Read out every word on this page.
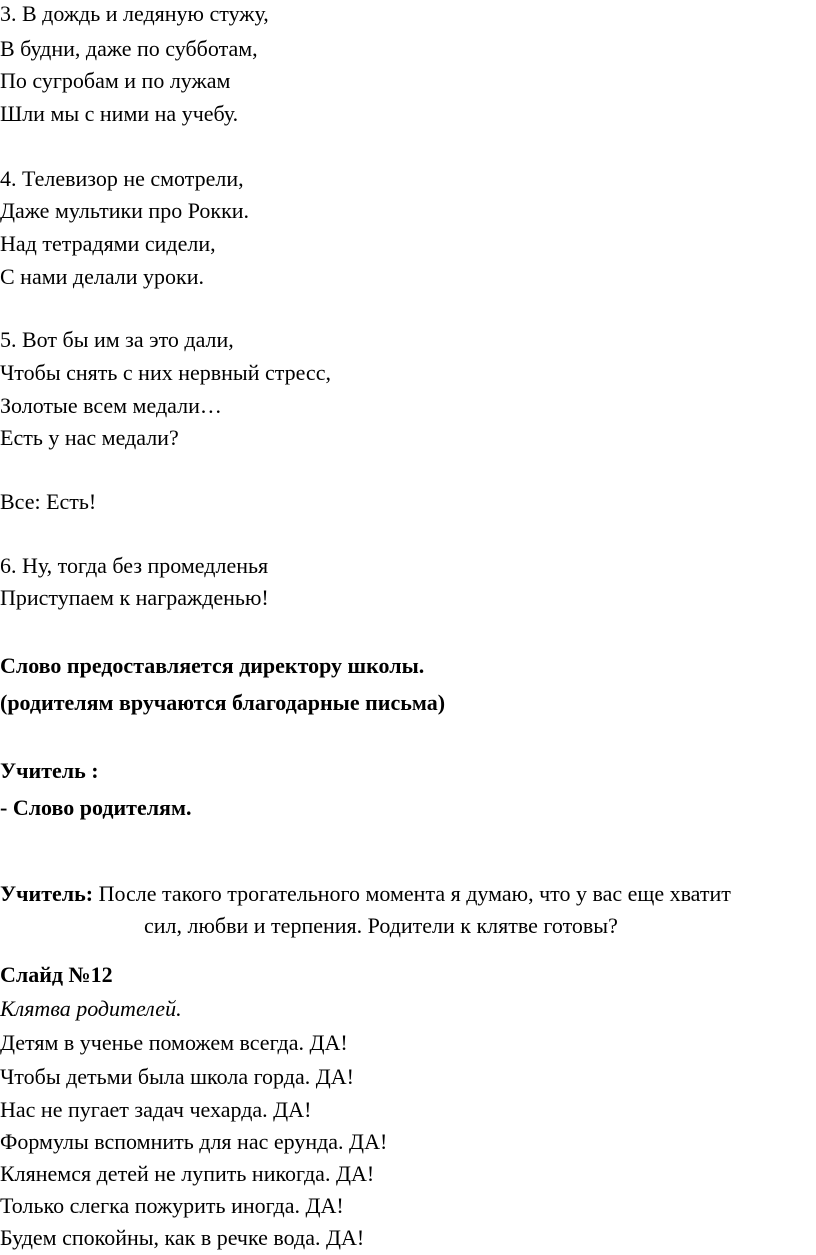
3. В дождь и ледяную стужу,
В будни, даже по субботам,
По сугробам и по лужам
Шли мы с ними на учебу.
4. Телевизор не смотрели,
Даже мультики про Рокки.
Над тетрадями сидели,
С нами делали уроки.
5. Вот бы им за это дали,
Чтобы снять с них нервный стресс,
Золотые всем медали…
Есть у нас медали?
Все: Есть!
6. Ну, тогда без промедленья
Приступаем к награжденью!
Слово предоставляется директору школы.
(родителям вручаются благодарные письма)
Учитель :
- Слово родителям.
Учитель: После такого трогательного момента я думаю, что у вас еще хватит
сил, любви и терпения. Родители к клятве готовы?
Слайд №12
Клятва родителей.
Детям в ученье поможем всегда. ДА!
Чтобы детьми была школа горда. ДА!
Нас не пугает задач чехарда. ДА!
Формулы вспомнить для нас ерунда. ДА!
Клянемся детей не лупить никогда. ДА!
Только слегка пожурить иногда. ДА!
Будем спокойны, как в речке вода. ДА!
